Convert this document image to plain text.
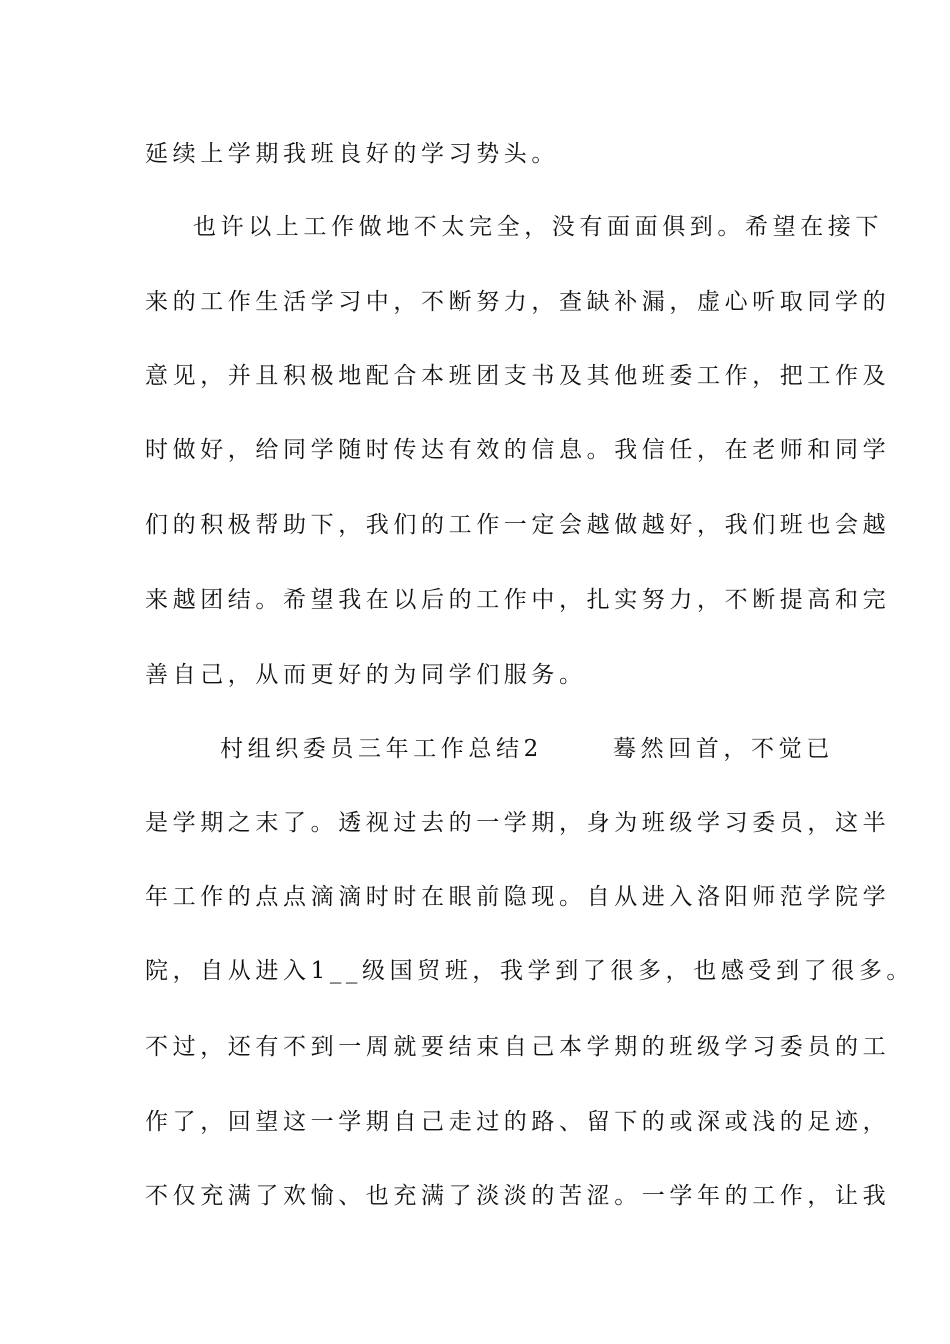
延续上学期我班良好的学习势头。
也许以上工作做地不太完全，没有面面俱到。希望在接下
来的工作生活学习中，不断努力，查缺补漏，虚心听取同学的
意见，并且积极地配合本班团支书及其他班委工作，把工作及
时做好，给同学随时传达有效的信息。我信任，在老师和同学
们的积极帮助下，我们的工作一定会越做越好，我们班也会越
来越团结。希望我在以后的工作中，扎实努力，不断提高和完
善自己，从而更好的为同学们服务。
村组织委员三年工作总结2	蓦然回首，不觉已
是学期之末了。透视过去的一学期，身为班级学习委员，这半
年工作的点点滴滴时时在眼前隐现。自从进入洛阳师范学院学
院，自从进入1__级国贸班，我学到了很多，也感受到了很多。
不过，还有不到一周就要结束自己本学期的班级学习委员的工
作了，回望这一学期自己走过的路、留下的或深或浅的足迹，
不仅充满了欢愉、也充满了淡淡的苦涩。一学年的工作，让我
